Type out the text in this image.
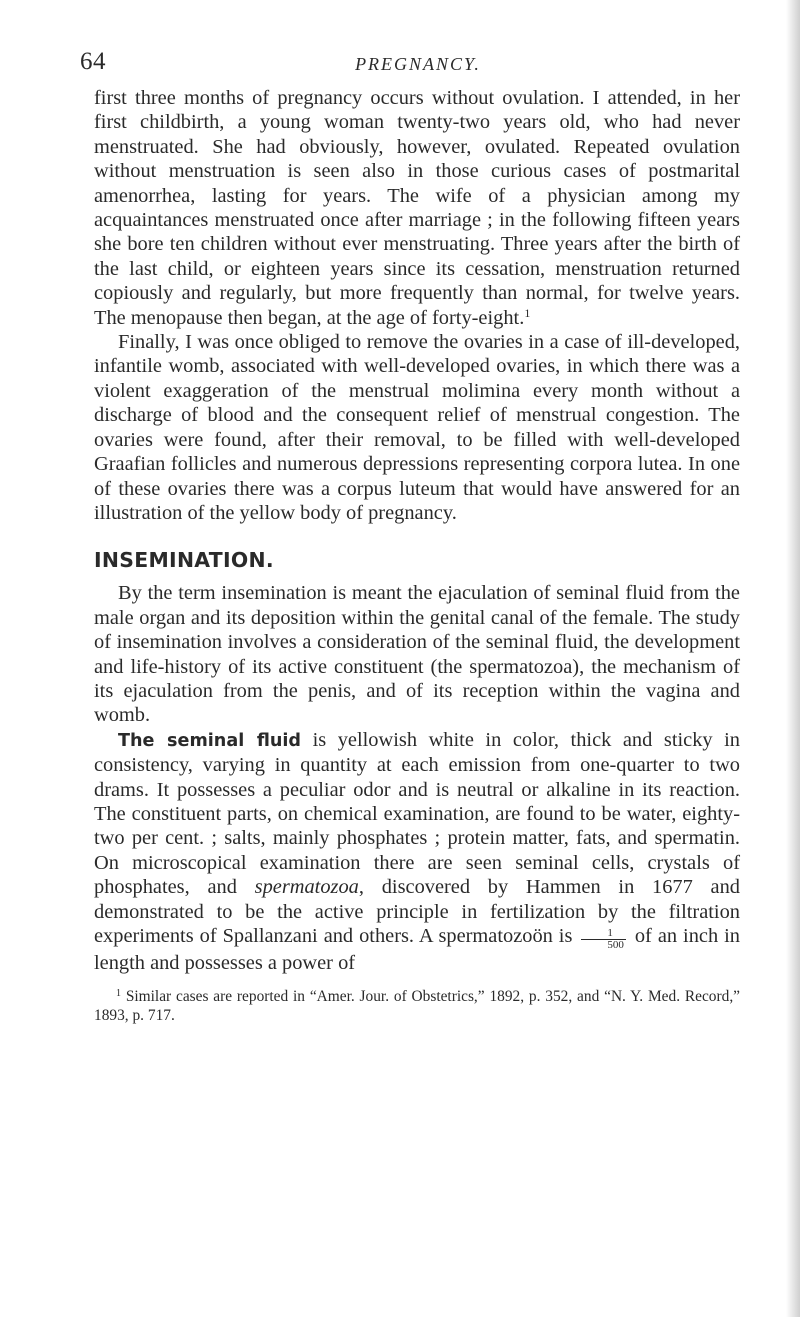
64	PREGNANCY.

first three months of pregnancy occurs without ovulation. I attended, in her first childbirth, a young woman twenty-two years old, who had never menstruated. She had obviously, however, ovulated. Repeated ovulation without menstruation is seen also in those curious cases of postmarital amenorrhea, lasting for years. The wife of a physician among my acquaintances menstruated once after marriage ; in the following fifteen years she bore ten children without ever menstruating. Three years after the birth of the last child, or eighteen years since its cessation, menstruation returned copiously and regularly, but more frequently than normal, for twelve years. The menopause then began, at the age of forty-eight.$^1$

Finally, I was once obliged to remove the ovaries in a case of ill-developed, infantile womb, associated with well-developed ovaries, in which there was a violent exaggeration of the menstrual molimina every month without a discharge of blood and the consequent relief of menstrual congestion. The ovaries were found, after their removal, to be filled with well-developed Graafian follicles and numerous depressions representing corpora lutea. In one of these ovaries there was a corpus luteum that would have answered for an illustration of the yellow body of pregnancy.

INSEMINATION.

By the term insemination is meant the ejaculation of seminal fluid from the male organ and its deposition within the genital canal of the female. The study of insemination involves a consideration of the seminal fluid, the development and life-history of its active constituent (the spermatozoa), the mechanism of its ejaculation from the penis, and of its reception within the vagina and womb.

The seminal fluid is yellowish white in color, thick and sticky in consistency, varying in quantity at each emission from one-quarter to two drams. It possesses a peculiar odor and is neutral or alkaline in its reaction. The constituent parts, on chemical examination, are found to be water, eighty-two per cent. ; salts, mainly phosphates ; protein matter, fats, and spermatin. On microscopical examination there are seen seminal cells, crystals of phosphates, and spermatozoa, discovered by Hammen in 1677 and demonstrated to be the active principle in fertilization by the filtration experiments of Spallanzani and others. A spermatozoön is $\frac{1}{500}$ of an inch in length and possesses a power of

$^1$ Similar cases are reported in “Amer. Jour. of Obstetrics,” 1892, p. 352, and “N. Y. Med. Record,” 1893, p. 717.
